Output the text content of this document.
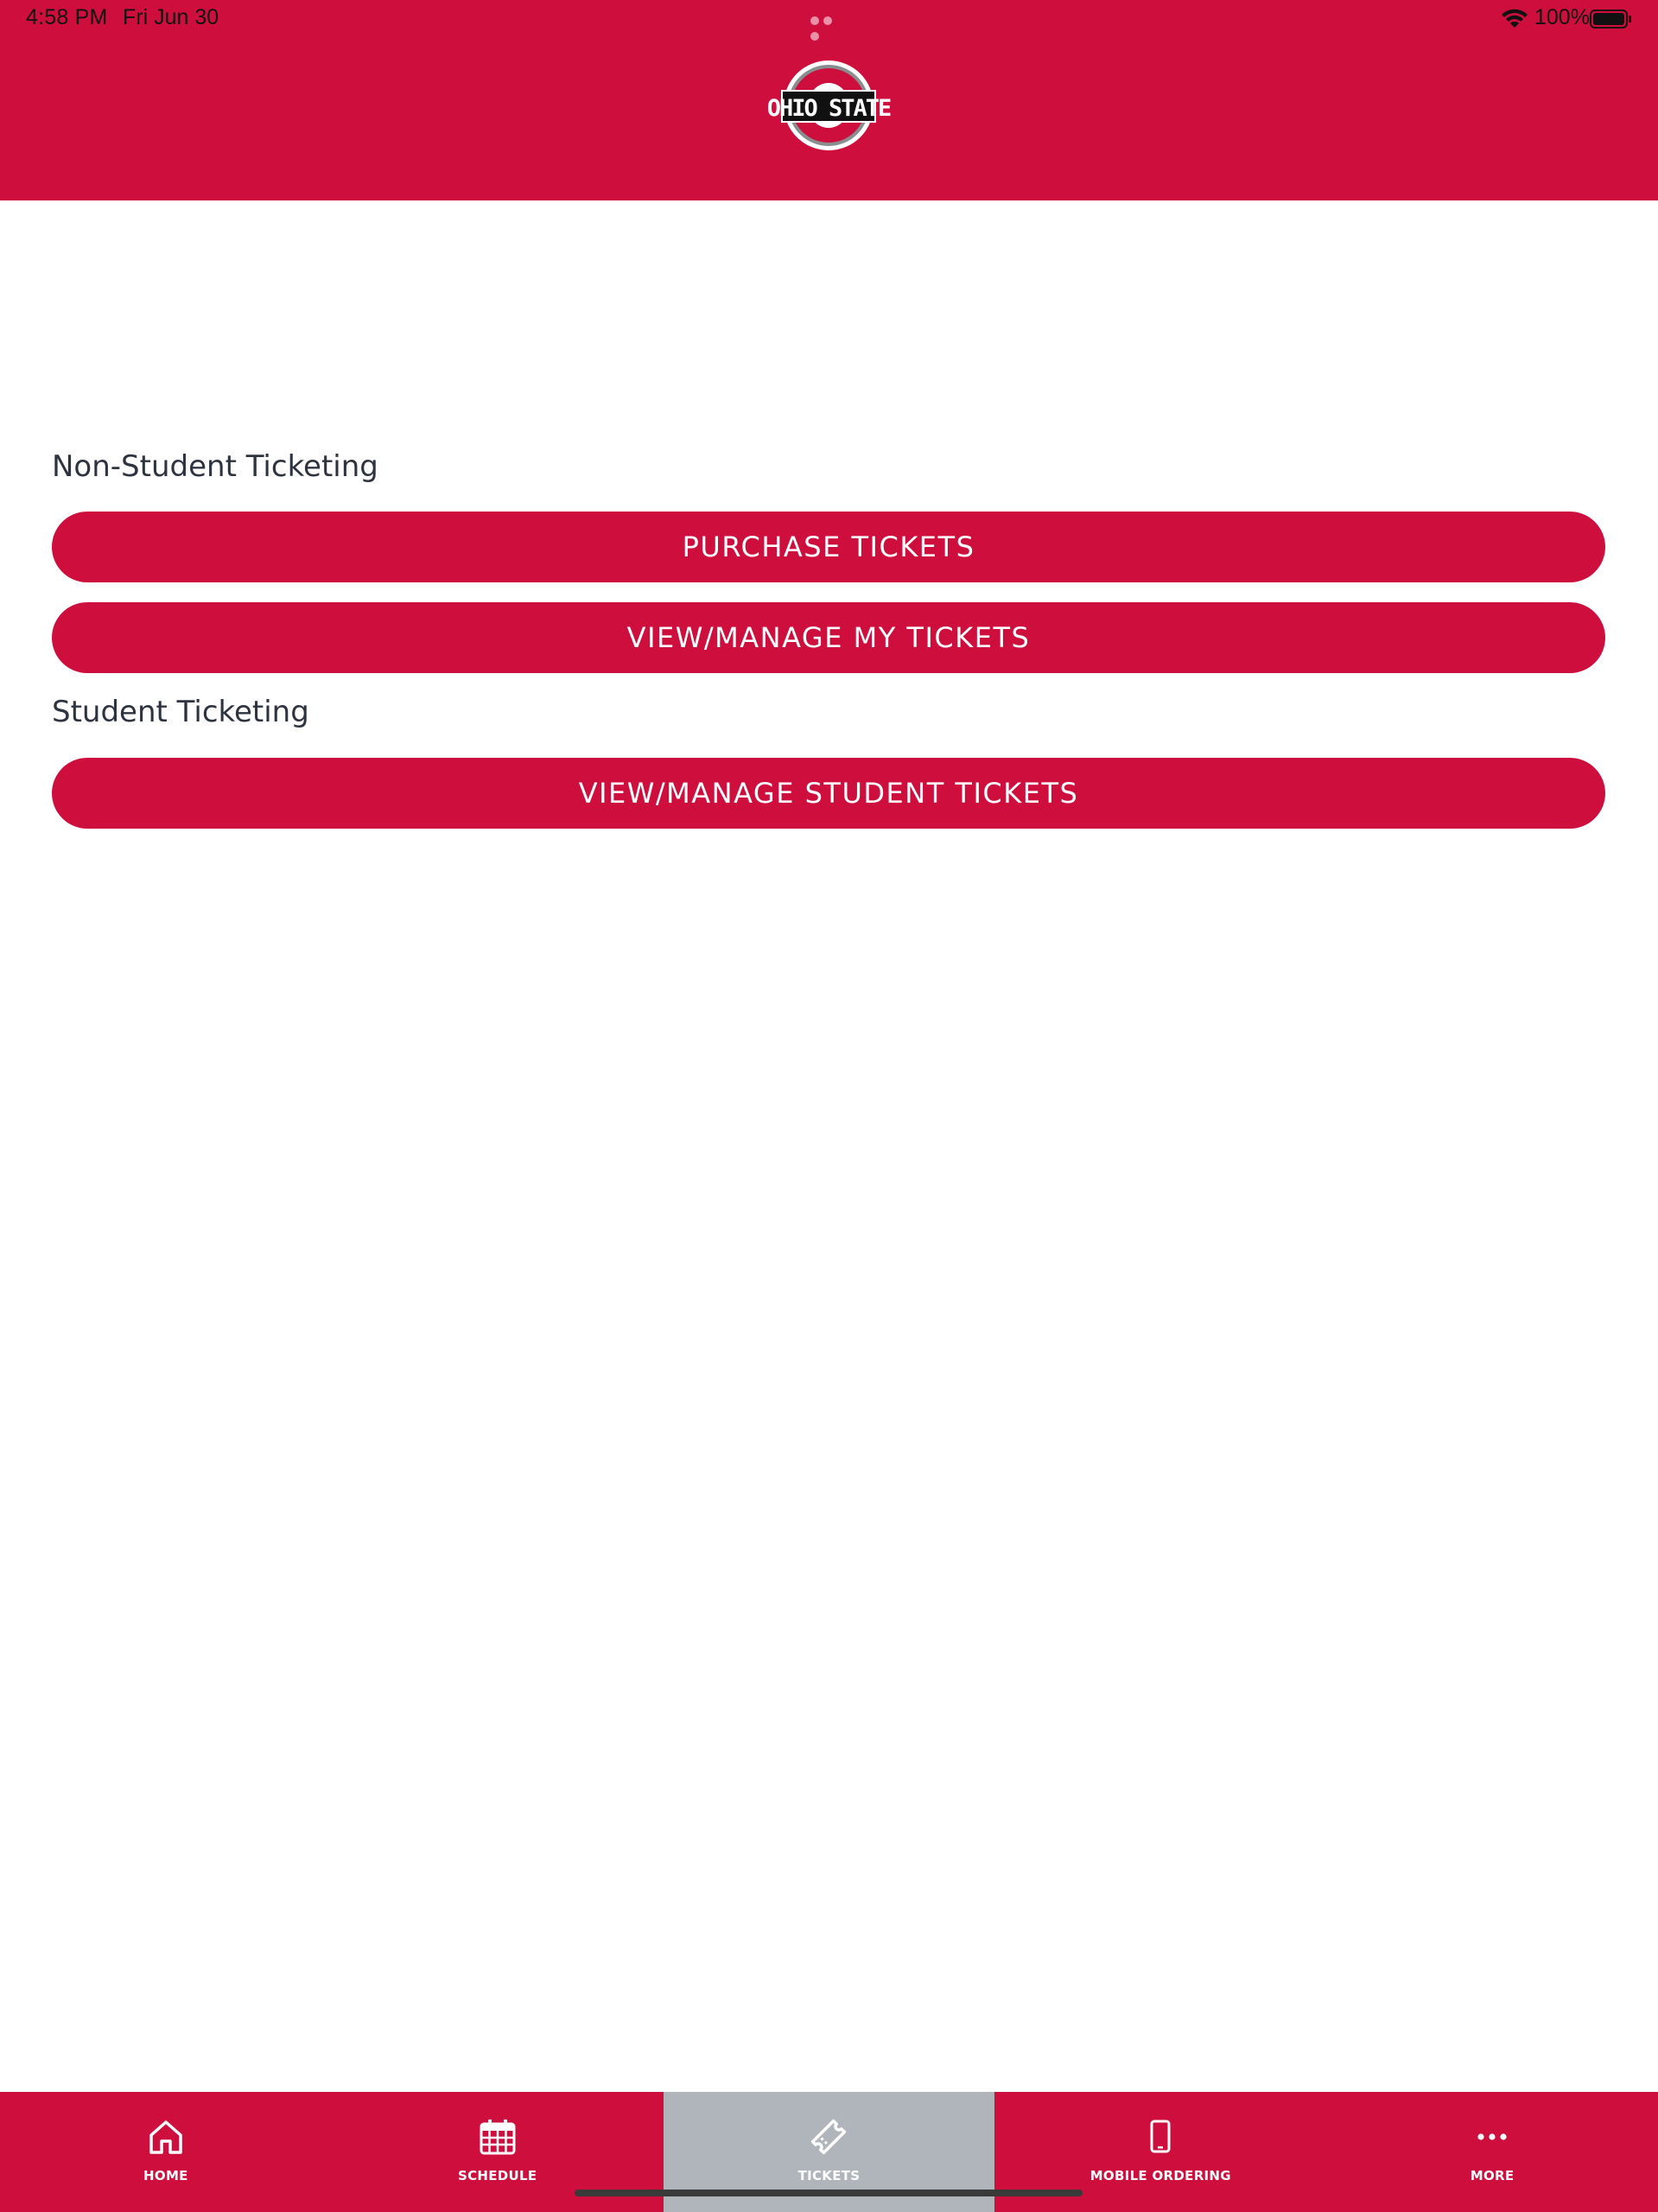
4:58 PM Fri Jun 30	100%
OHIO STATE
Non-Student Ticketing
PURCHASE TICKETS
VIEW/MANAGE MY TICKETS
Student Ticketing
VIEW/MANAGE STUDENT TICKETS
HOME	SCHEDULE	TICKETS	MOBILE ORDERING	MORE
